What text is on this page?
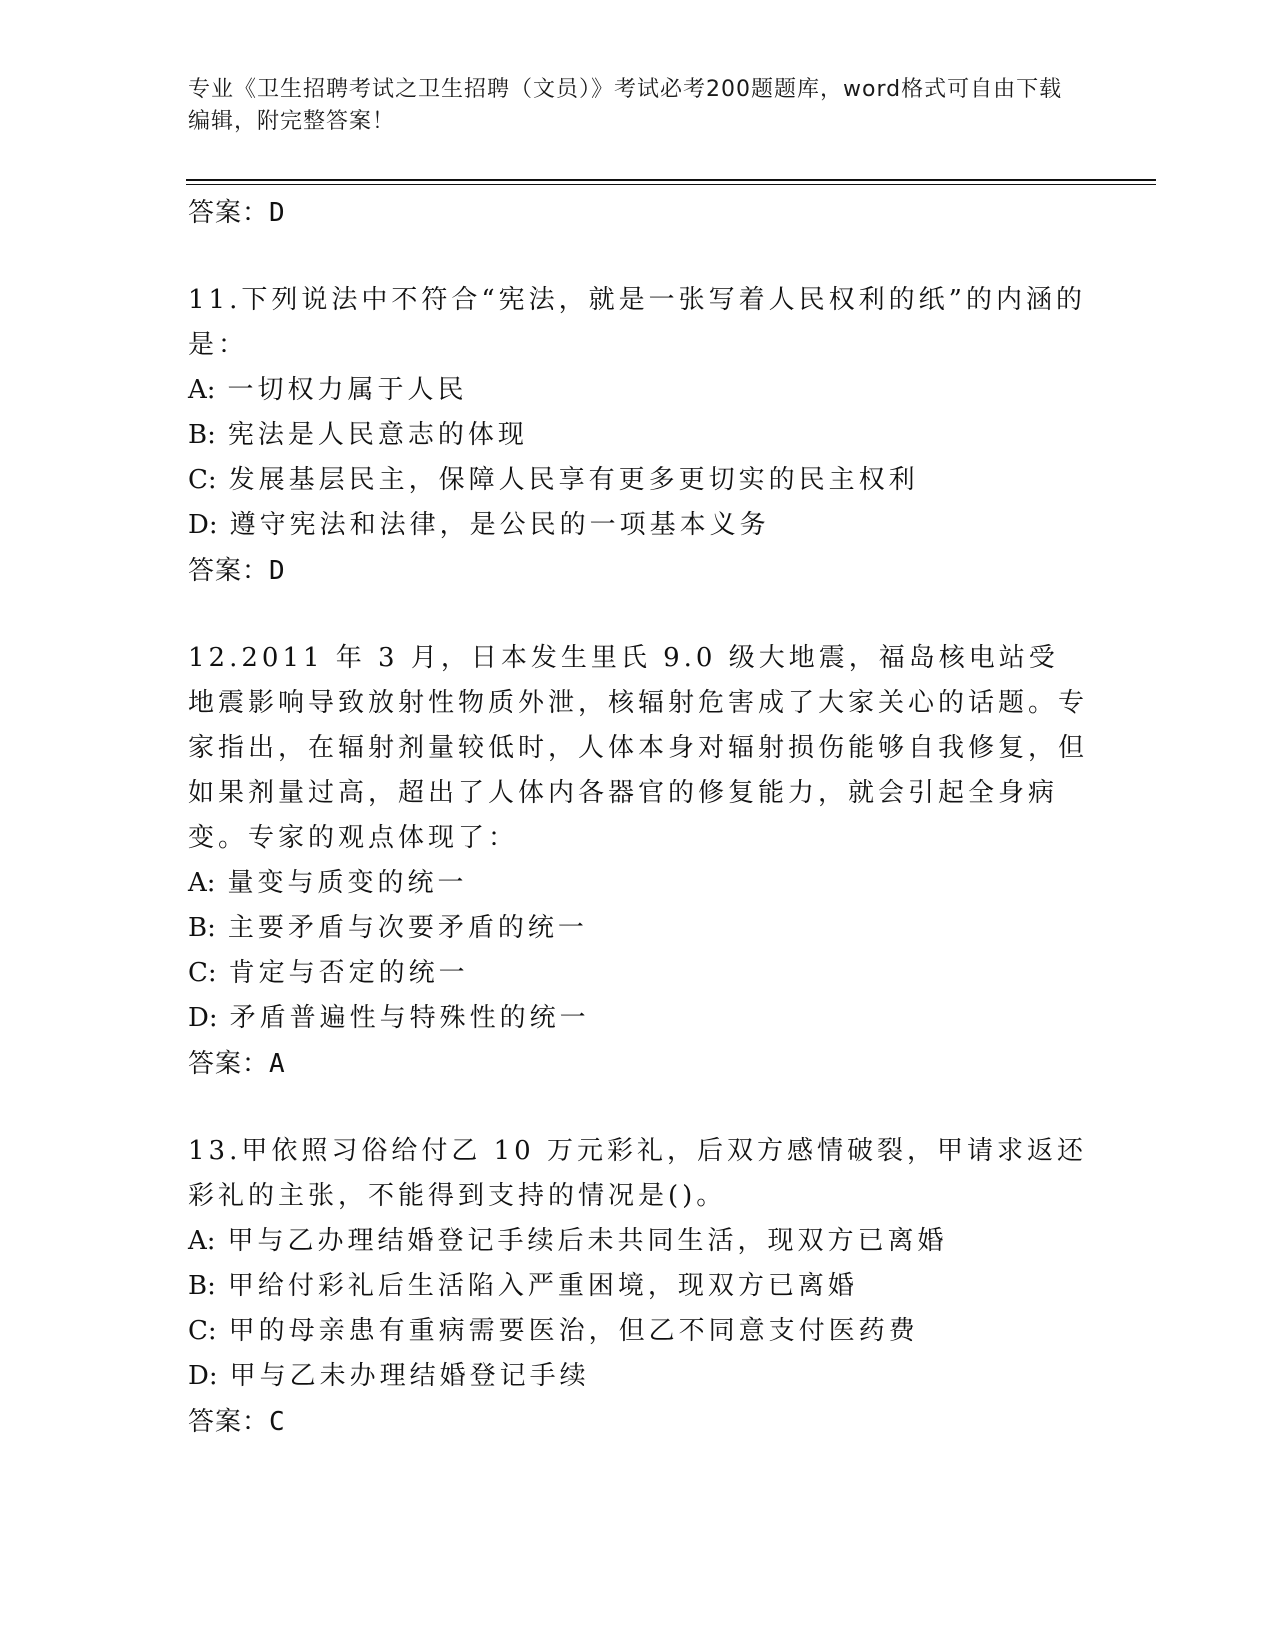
专业《卫生招聘考试之卫生招聘（文员）》考试必考200题题库，word格式可自由下载编辑，附完整答案！

答案：D

11.下列说法中不符合“宪法，就是一张写着人民权利的纸”的内涵的是：

A: 一切权力属于人民

B: 宪法是人民意志的体现

C: 发展基层民主，保障人民享有更多更切实的民主权利

D: 遵守宪法和法律，是公民的一项基本义务

答案：D

12.2011 年 3 月，日本发生里氏 9.0 级大地震，福岛核电站受地震影响导致放射性物质外泄，核辐射危害成了大家关心的话题。专家指出，在辐射剂量较低时，人体本身对辐射损伤能够自我修复，但如果剂量过高，超出了人体内各器官的修复能力，就会引起全身病变。专家的观点体现了：

A: 量变与质变的统一

B: 主要矛盾与次要矛盾的统一

C: 肯定与否定的统一

D: 矛盾普遍性与特殊性的统一

答案：A

13.甲依照习俗给付乙 10 万元彩礼，后双方感情破裂，甲请求返还彩礼的主张，不能得到支持的情况是()。

A: 甲与乙办理结婚登记手续后未共同生活，现双方已离婚

B: 甲给付彩礼后生活陷入严重困境，现双方已离婚

C: 甲的母亲患有重病需要医治，但乙不同意支付医药费

D: 甲与乙未办理结婚登记手续

答案：C
